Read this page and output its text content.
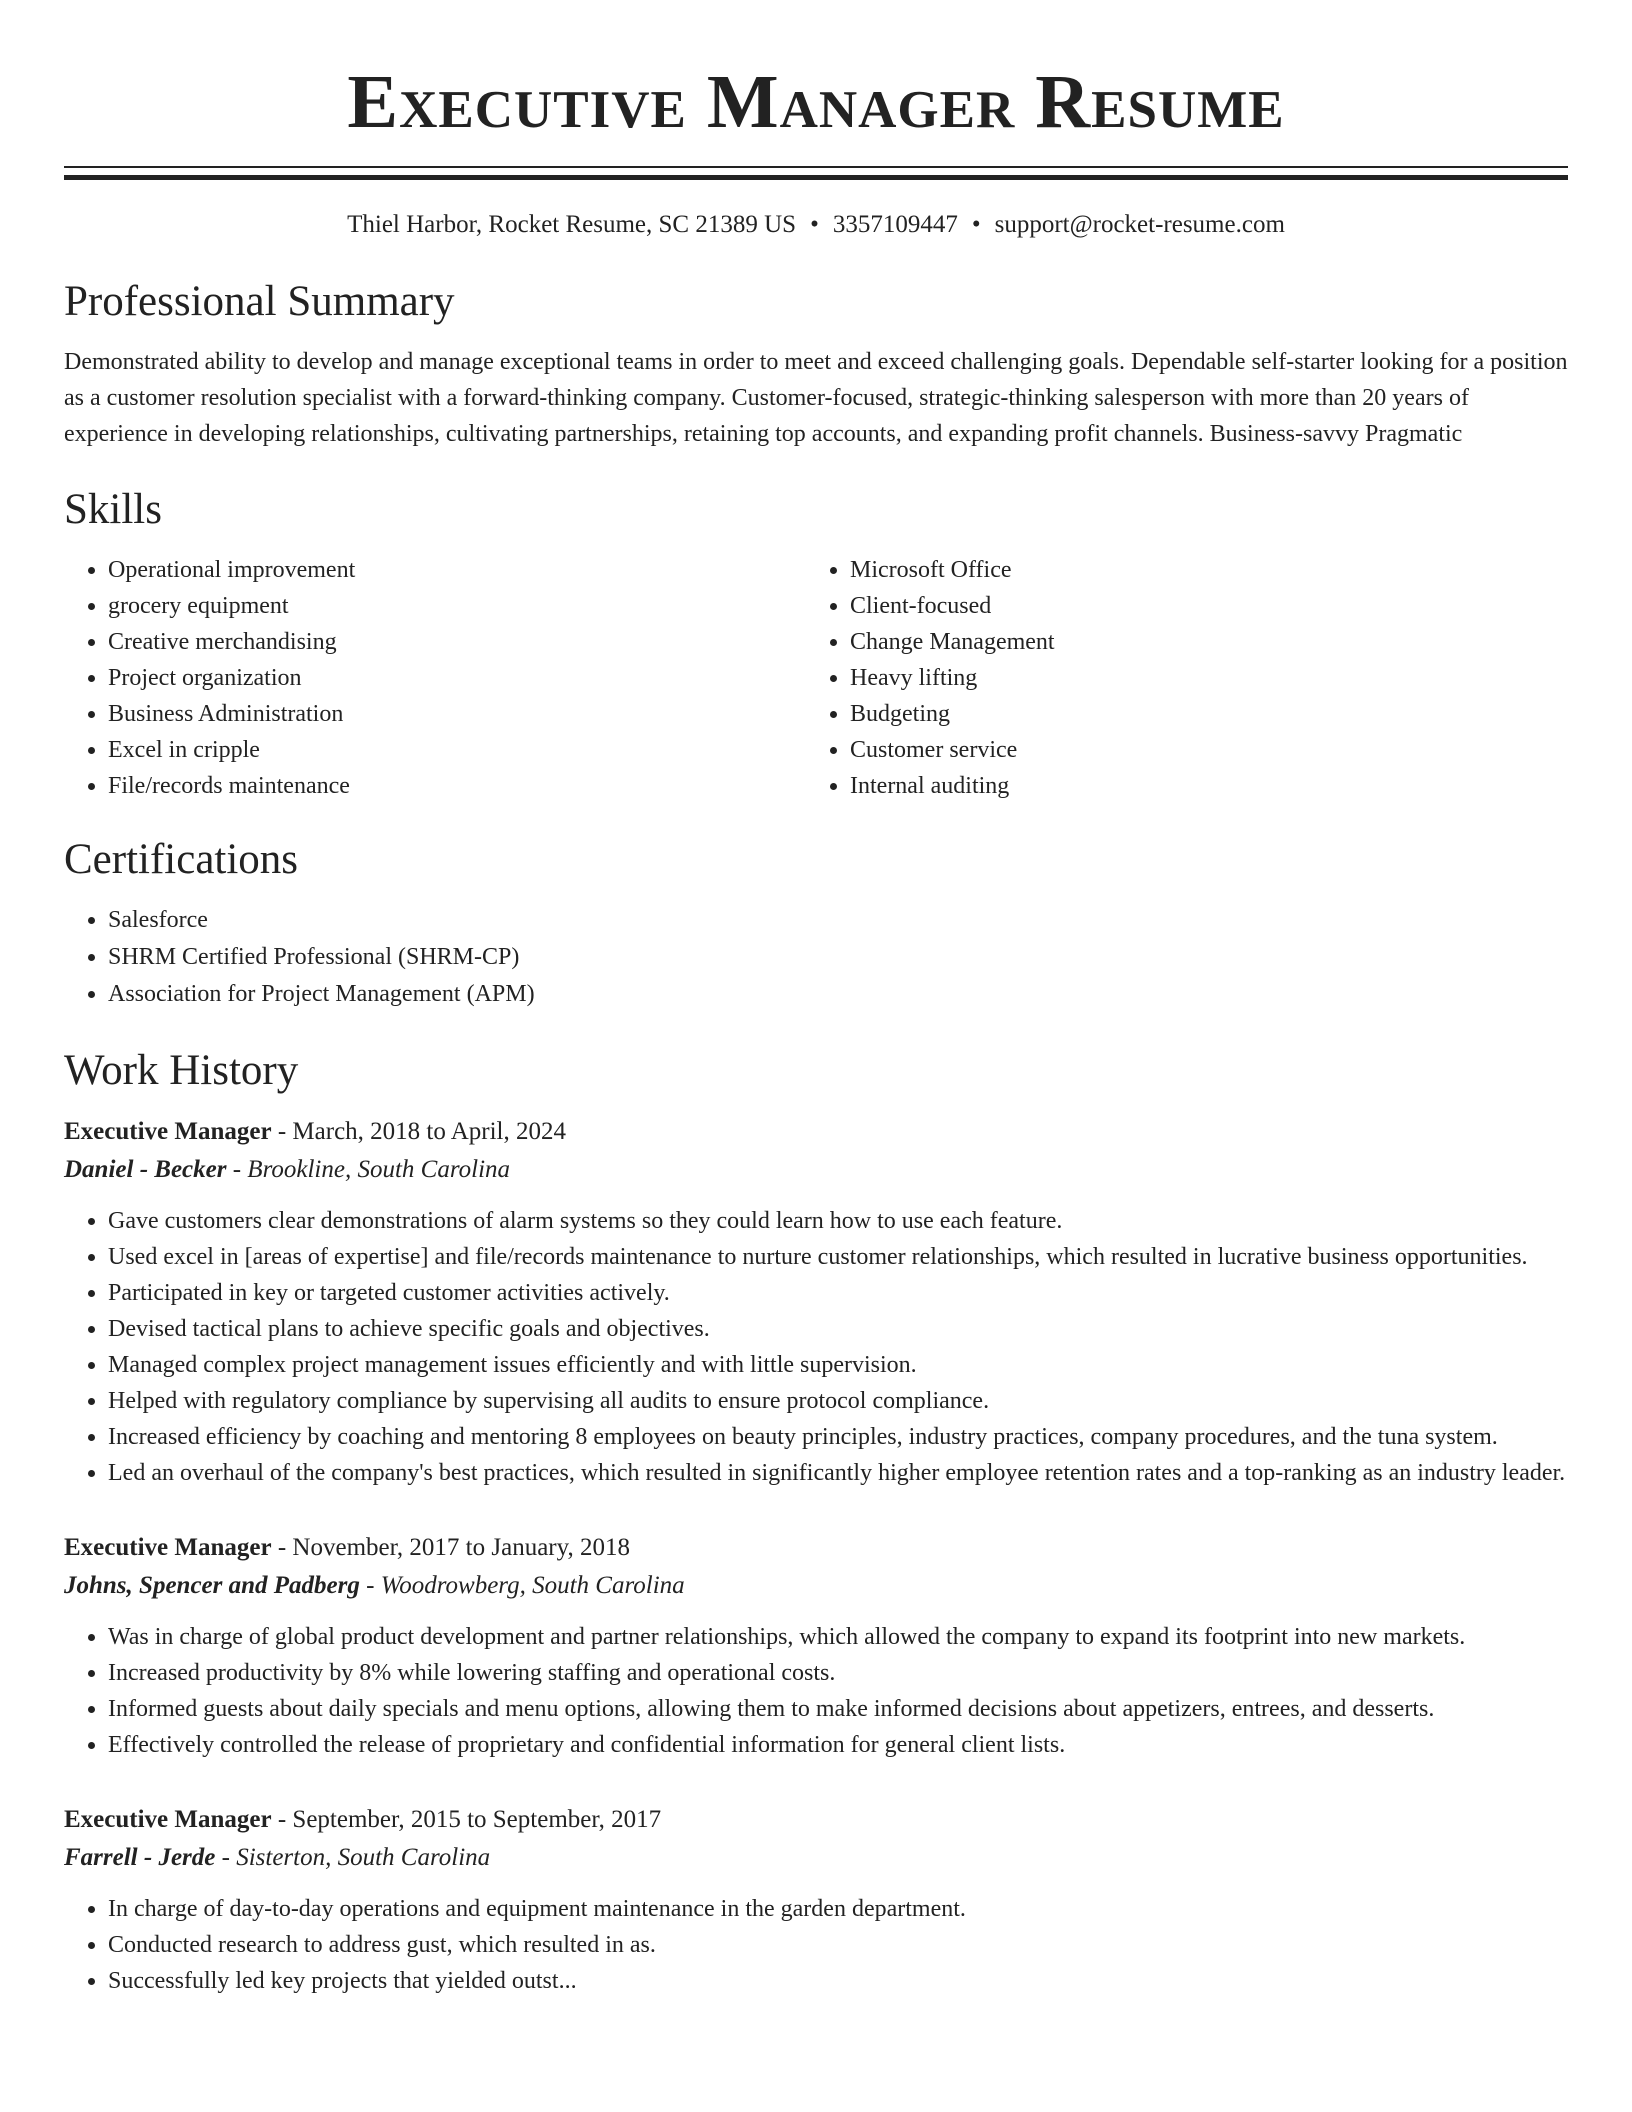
Executive Manager Resume
Thiel Harbor, Rocket Resume, SC 21389 US • 3357109447 • support@rocket-resume.com
Professional Summary
Demonstrated ability to develop and manage exceptional teams in order to meet and exceed challenging goals. Dependable self-starter looking for a position as a customer resolution specialist with a forward-thinking company. Customer-focused, strategic-thinking salesperson with more than 20 years of experience in developing relationships, cultivating partnerships, retaining top accounts, and expanding profit channels. Business-savvy Pragmatic
Skills
• Operational improvement
• grocery equipment
• Creative merchandising
• Project organization
• Business Administration
• Excel in cripple
• File/records maintenance
• Microsoft Office
• Client-focused
• Change Management
• Heavy lifting
• Budgeting
• Customer service
• Internal auditing
Certifications
• Salesforce
• SHRM Certified Professional (SHRM-CP)
• Association for Project Management (APM)
Work History
Executive Manager - March, 2018 to April, 2024
Daniel - Becker - Brookline, South Carolina
• Gave customers clear demonstrations of alarm systems so they could learn how to use each feature.
• Used excel in [areas of expertise] and file/records maintenance to nurture customer relationships, which resulted in lucrative business opportunities.
• Participated in key or targeted customer activities actively.
• Devised tactical plans to achieve specific goals and objectives.
• Managed complex project management issues efficiently and with little supervision.
• Helped with regulatory compliance by supervising all audits to ensure protocol compliance.
• Increased efficiency by coaching and mentoring 8 employees on beauty principles, industry practices, company procedures, and the tuna system.
• Led an overhaul of the company's best practices, which resulted in significantly higher employee retention rates and a top-ranking as an industry leader.
Executive Manager - November, 2017 to January, 2018
Johns, Spencer and Padberg - Woodrowberg, South Carolina
• Was in charge of global product development and partner relationships, which allowed the company to expand its footprint into new markets.
• Increased productivity by 8% while lowering staffing and operational costs.
• Informed guests about daily specials and menu options, allowing them to make informed decisions about appetizers, entrees, and desserts.
• Effectively controlled the release of proprietary and confidential information for general client lists.
Executive Manager - September, 2015 to September, 2017
Farrell - Jerde - Sisterton, South Carolina
• In charge of day-to-day operations and equipment maintenance in the garden department.
• Conducted research to address gust, which resulted in as.
• Successfully led key projects that yielded outst...
